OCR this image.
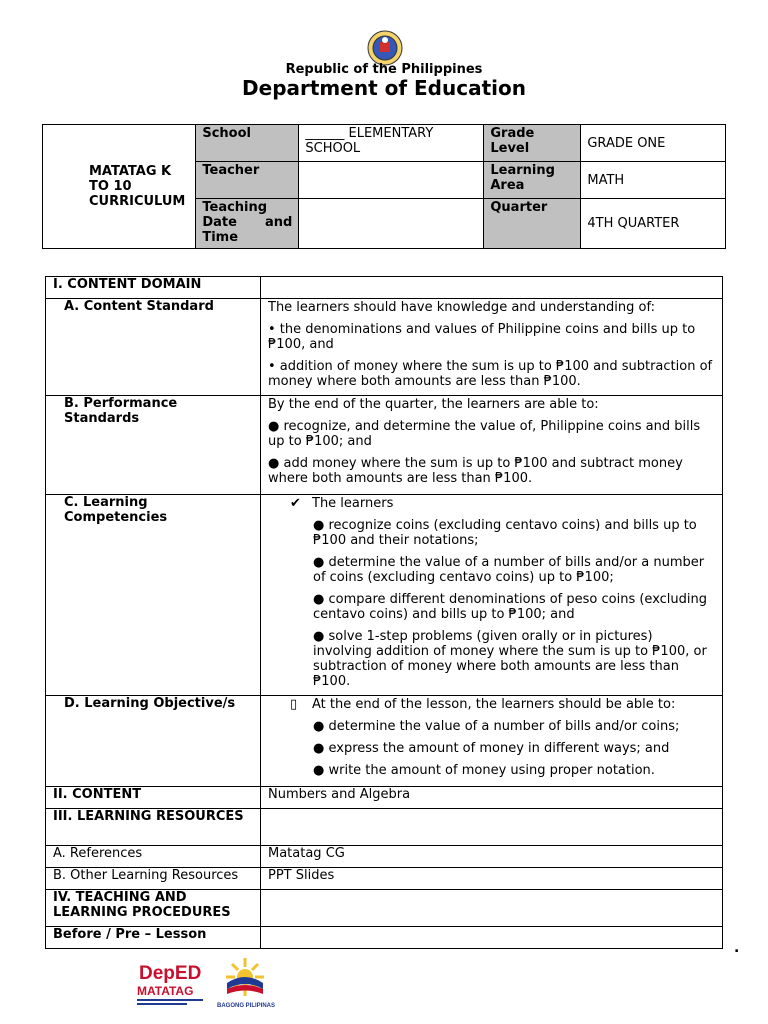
Republic of the Philippines
Department of Education
MATATAG K TO 10 CURRICULUM	School	______ ELEMENTARY SCHOOL	Grade Level	GRADE ONE
	Teacher		Learning Area	MATH
	Teaching Date and Time		Quarter	4TH QUARTER
I. CONTENT DOMAIN	
A. Content Standard	The learners should have knowledge and understanding of:

• the denominations and values of Philippine coins and bills up to ₱100, and

• addition of money where the sum is up to ₱100 and subtraction of money where both amounts are less than ₱100.

B. Performance Standards	By the end of the quarter, the learners are able to:

● recognize, and determine the value of, Philippine coins and bills up to ₱100; and

● add money where the sum is up to ₱100 and subtract money where both amounts are less than ₱100.

C. Learning Competencies	✔ The learners

● recognize coins (excluding centavo coins) and bills up to ₱100 and their notations;

● determine the value of a number of bills and/or a number of coins (excluding centavo coins) up to ₱100;

● compare different denominations of peso coins (excluding centavo coins) and bills up to ₱100; and

● solve 1-step problems (given orally or in pictures) involving addition of money where the sum is up to ₱100, or subtraction of money where both amounts are less than ₱100.

D. Learning Objective/s	▯ At the end of the lesson, the learners should be able to:

● determine the value of a number of bills and/or coins;

● express the amount of money in different ways; and

● write the amount of money using proper notation.

II. CONTENT	Numbers and Algebra
III. LEARNING RESOURCES	
A. References	Matatag CG
B. Other Learning Resources	PPT Slides
IV. TEACHING AND LEARNING PROCEDURES	
Before / Pre – Lesson	
.
DepED
MATATAG
BAGONG PILIPINAS
